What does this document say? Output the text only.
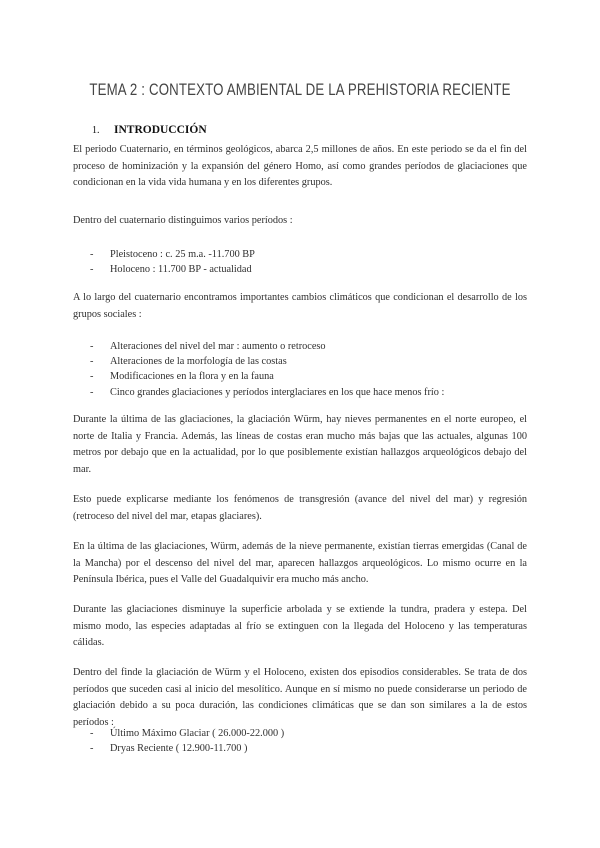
TEMA 2 : CONTEXTO AMBIENTAL DE LA PREHISTORIA RECIENTE
1. INTRODUCCIÓN

El periodo Cuaternario, en términos geológicos, abarca 2,5 millones de años. En este periodo se da el fin del proceso de hominización y la expansión del género Homo, así como grandes períodos de glaciaciones que condicionan en la vida vida humana y en los diferentes grupos.

Dentro del cuaternario distinguimos varios períodos :

- Pleistoceno : c. 25 m.a. -11.700 BP
- Holoceno : 11.700 BP - actualidad

A lo largo del cuaternario encontramos importantes cambios climáticos que condicionan el desarrollo de los grupos sociales :

- Alteraciones del nivel del mar : aumento o retroceso
- Alteraciones de la morfología de las costas
- Modificaciones en la flora y en la fauna
- Cinco grandes glaciaciones y períodos interglaciares en los que hace menos frío :

Durante la última de las glaciaciones, la glaciación Würm, hay nieves permanentes en el norte europeo, el norte de Italia y Francia. Además, las líneas de costas eran mucho más bajas que las actuales, algunas 100 metros por debajo que en la actualidad, por lo que posiblemente existían hallazgos arqueológicos debajo del mar.

Esto puede explicarse mediante los fenómenos de transgresión (avance del nivel del mar) y regresión (retroceso del nivel del mar, etapas glaciares).

En la última de las glaciaciones, Würm, además de la nieve permanente, existían tierras emergidas (Canal de la Mancha) por el descenso del nivel del mar, aparecen hallazgos arqueológicos. Lo mismo ocurre en la Península Ibérica, pues el Valle del Guadalquivir era mucho más ancho.

Durante las glaciaciones disminuye la superficie arbolada y se extiende la tundra, pradera y estepa. Del mismo modo, las especies adaptadas al frío se extinguen con la llegada del Holoceno y las temperaturas cálidas.

Dentro del finde la glaciación de Würm y el Holoceno, existen dos episodios considerables. Se trata de dos períodos que suceden casi al inicio del mesolítico. Aunque en sí mismo no puede considerarse un periodo de glaciación debido a su poca duración, las condiciones climáticas que se dan son similares a la de estos períodos :

- Último Máximo Glaciar ( 26.000-22.000 )
- Dryas Reciente ( 12.900-11.700 )
